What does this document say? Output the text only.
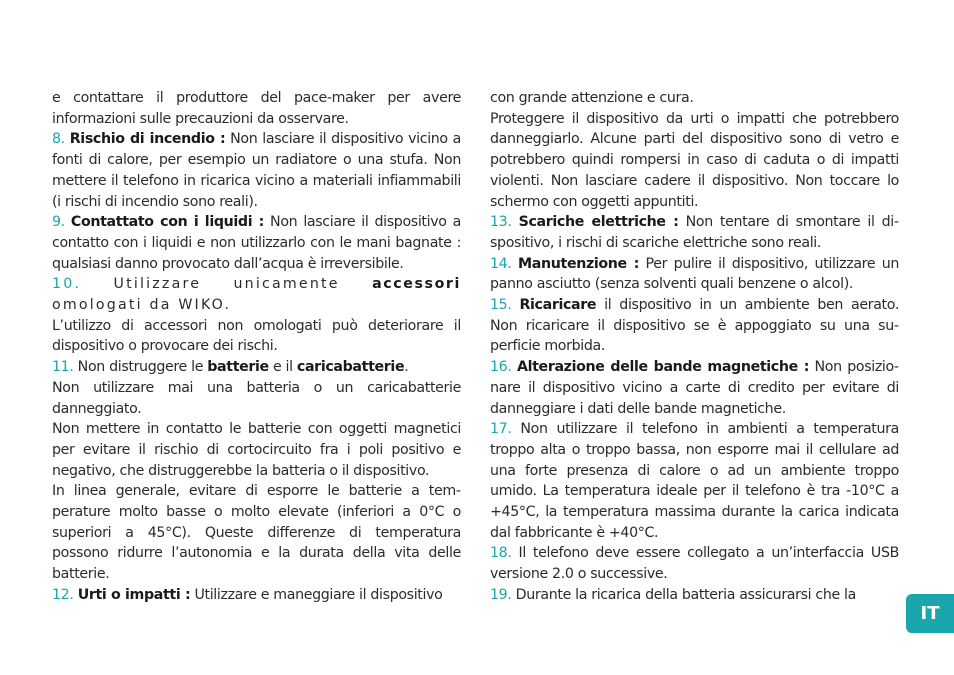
e contattare il produttore del pace-maker per avere informazioni sulle precauzioni da osservare.

8. Rischio di incendio : Non lasciare il dispositivo vicino a fonti di calore, per esempio un radiatore o una stufa. Non mettere il telefono in ricarica vicino a materiali infiammabili (i rischi di incendio sono reali).

9. Contattato con i liquidi : Non lasciare il dispositivo a contatto con i liquidi e non utilizzarlo con le mani bagnate : qualsiasi danno provocato dall’acqua è irreversibile.

10. Utilizzare unicamente accessori omologati da WIKO.

L’utilizzo di accessori non omologati può deteriorare il dispositivo o provocare dei rischi.

11. Non distruggere le batterie e il caricabatterie.

Non utilizzare mai una batteria o un caricabatterie danneggiato.

Non mettere in contatto le batterie con oggetti magnetici per evitare il rischio di cortocircuito fra i poli positivo e negativo, che distruggerebbe la batteria o il dispositivo.

In linea generale, evitare di esporre le batterie a temperature molto basse o molto elevate (inferiori a 0°C o superiori a 45°C). Queste differenze di temperatura possono ridurre l’autonomia e la durata della vita delle batterie.

12. Urti o impatti : Utilizzare e maneggiare il dispositivo

con grande attenzione e cura.

Proteggere il dispositivo da urti o impatti che potrebbero danneggiarlo. Alcune parti del dispositivo sono di vetro e potrebbero quindi rompersi in caso di caduta o di impatti violenti. Non lasciare cadere il dispositivo. Non toccare lo schermo con oggetti appuntiti.

13. Scariche elettriche : Non tentare di smontare il dispositivo, i rischi di scariche elettriche sono reali.

14. Manutenzione : Per pulire il dispositivo, utilizzare un panno asciutto (senza solventi quali benzene o alcol).

15. Ricaricare il dispositivo in un ambiente ben aerato. Non ricaricare il dispositivo se è appoggiato su una superficie morbida.

16. Alterazione delle bande magnetiche : Non posizionare il dispositivo vicino a carte di credito per evitare di danneggiare i dati delle bande magnetiche.

17. Non utilizzare il telefono in ambienti a temperatura troppo alta o troppo bassa, non esporre mai il cellulare ad una forte presenza di calore o ad un ambiente troppo umido. La temperatura ideale per il telefono è tra -10°C a +45°C, la temperatura massima durante la carica indicata dal fabbricante è +40°C.

18. Il telefono deve essere collegato a un’interfaccia USB versione 2.0 o successive.

19. Durante la ricarica della batteria assicurarsi che la

IT
